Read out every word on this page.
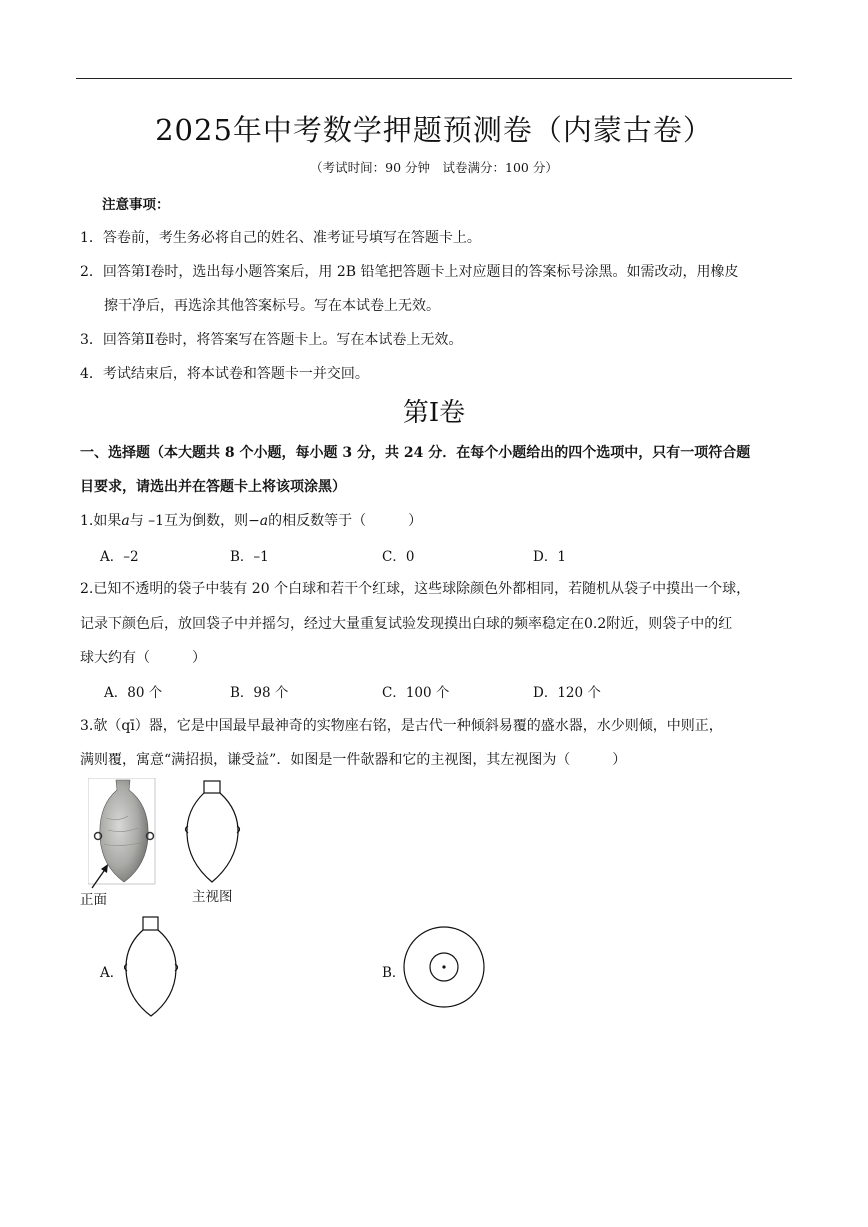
2025年中考数学押题预测卷（内蒙古卷）
（考试时间：90 分钟　试卷满分：100 分）
注意事项：
1．答卷前，考生务必将自己的姓名、准考证号填写在答题卡上。
2．回答第Ⅰ卷时，选出每小题答案后，用 2B 铅笔把答题卡上对应题目的答案标号涂黑。如需改动，用橡皮
擦干净后，再选涂其他答案标号。写在本试卷上无效。
3．回答第Ⅱ卷时，将答案写在答题卡上。写在本试卷上无效。
4．考试结束后，将本试卷和答题卡一并交回。
第Ⅰ卷
一、选择题（本大题共 8 个小题，每小题 3 分，共 24 分．在每个小题给出的四个选项中，只有一项符合题
目要求，请选出并在答题卡上将该项涂黑）
1.如果a与 –1互为倒数，则−a的相反数等于（　　　）
A．–2	B．–1	C．0	D．1
2.已知不透明的袋子中装有 20 个白球和若干个红球，这些球除颜色外都相同，若随机从袋子中摸出一个球，
记录下颜色后，放回袋子中并摇匀，经过大量重复试验发现摸出白球的频率稳定在0.2附近，则袋子中的红
球大约有（　　　）
A．80 个	B．98 个	C．100 个	D．120 个
3.欹（qī）器，它是中国最早最神奇的实物座右铭，是古代一种倾斜易覆的盛水器，水少则倾，中则正，
满则覆，寓意“满招损，谦受益”．如图是一件欹器和它的主视图，其左视图为（　　　）
正面	主视图
A．	B．
